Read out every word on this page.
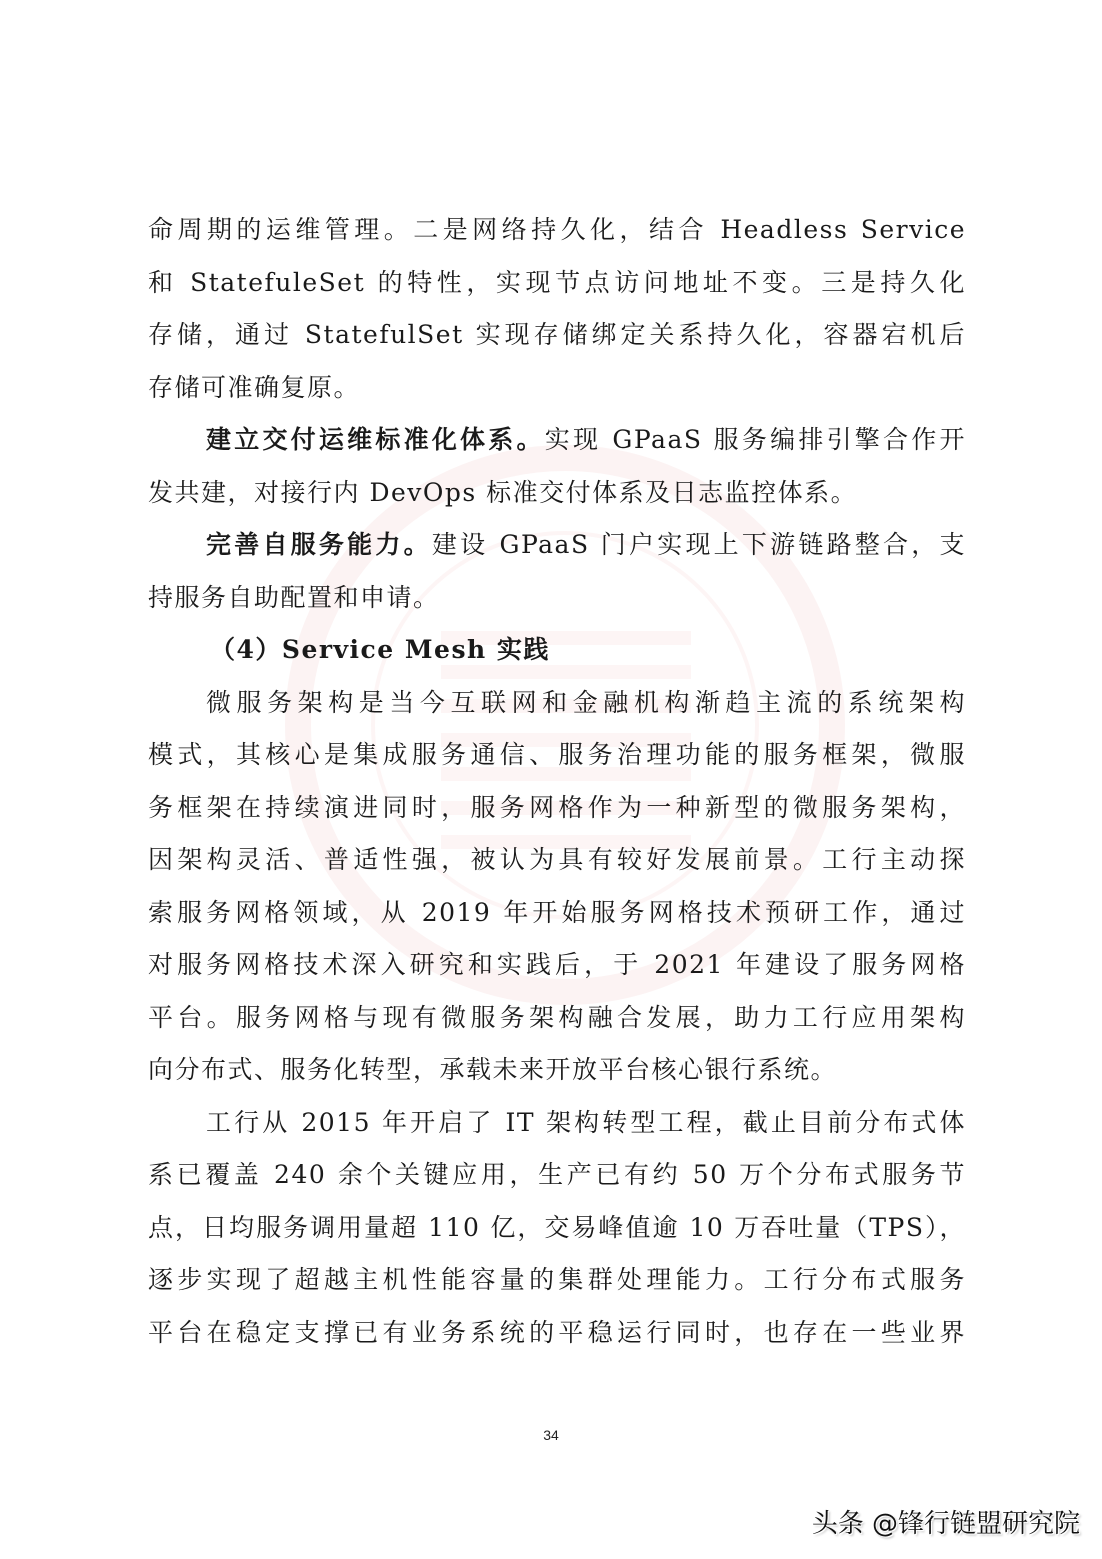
命周期的运维管理。二是网络持久化，结合 Headless Service
和 StatefuleSet 的特性，实现节点访问地址不变。三是持久化
存储，通过 StatefulSet 实现存储绑定关系持久化，容器宕机后
存储可准确复原。
建立交付运维标准化体系。实现 GPaaS 服务编排引擎合作开
发共建，对接行内 DevOps 标准交付体系及日志监控体系。
完善自服务能力。建设 GPaaS 门户实现上下游链路整合，支
持服务自助配置和申请。
（4）Service Mesh 实践
微服务架构是当今互联网和金融机构渐趋主流的系统架构
模式，其核心是集成服务通信、服务治理功能的服务框架，微服
务框架在持续演进同时，服务网格作为一种新型的微服务架构，
因架构灵活、普适性强，被认为具有较好发展前景。工行主动探
索服务网格领域，从 2019 年开始服务网格技术预研工作，通过
对服务网格技术深入研究和实践后，于 2021 年建设了服务网格
平台。服务网格与现有微服务架构融合发展，助力工行应用架构
向分布式、服务化转型，承载未来开放平台核心银行系统。
工行从 2015 年开启了 IT 架构转型工程，截止目前分布式体
系已覆盖 240 余个关键应用，生产已有约 50 万个分布式服务节
点，日均服务调用量超 110 亿，交易峰值逾 10 万吞吐量（TPS），
逐步实现了超越主机性能容量的集群处理能力。工行分布式服务
平台在稳定支撑已有业务系统的平稳运行同时，也存在一些业界
34
头条 @锋行链盟研究院
